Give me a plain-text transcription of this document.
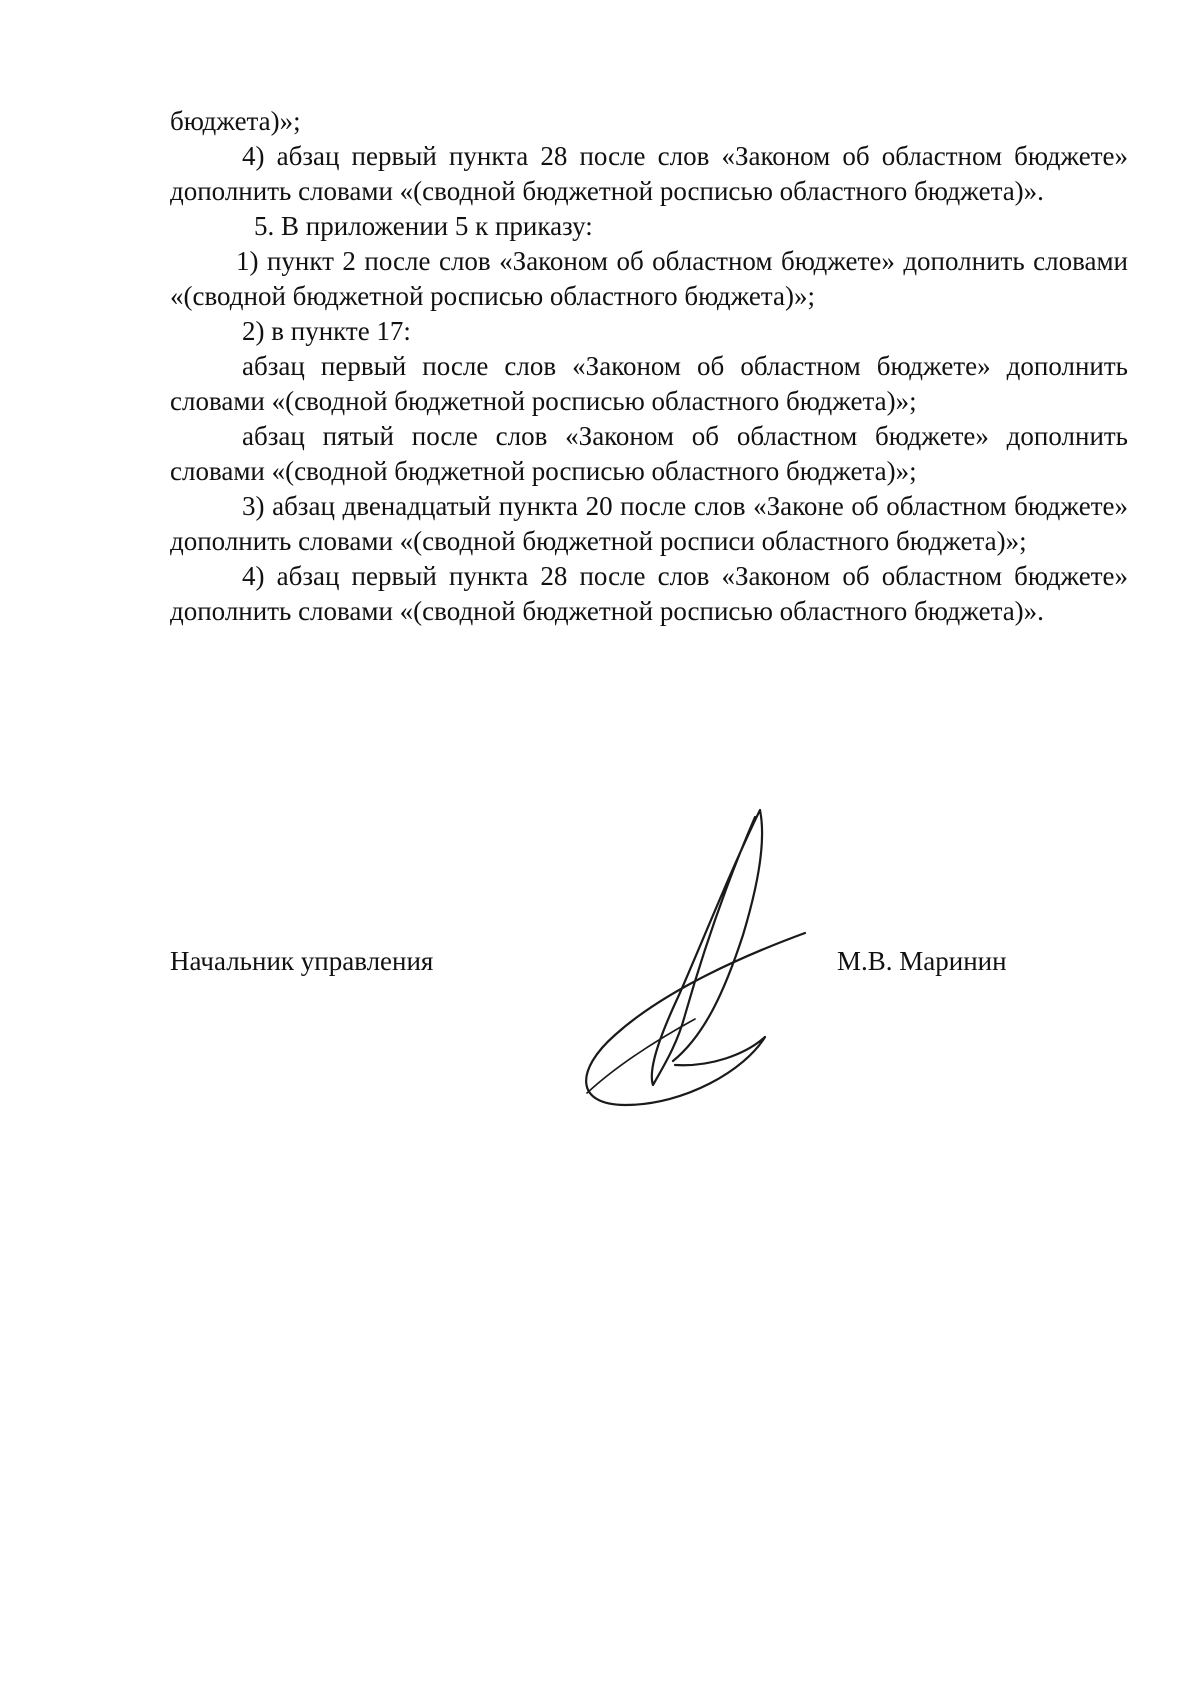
бюджета)»;

4) абзац первый пункта 28 после слов «Законом об областном бюджете» дополнить словами «(сводной бюджетной росписью областного бюджета)».

5. В приложении 5 к приказу:

1) пункт 2 после слов «Законом об областном бюджете» дополнить словами «(сводной бюджетной росписью областного бюджета)»;

2) в пункте 17:

абзац первый после слов «Законом об областном бюджете» дополнить словами «(сводной бюджетной росписью областного бюджета)»;

абзац пятый после слов «Законом об областном бюджете» дополнить словами «(сводной бюджетной росписью областного бюджета)»;

3) абзац двенадцатый пункта 20 после слов «Законе об областном бюджете» дополнить словами «(сводной бюджетной росписи областного бюджета)»;

4) абзац первый пункта 28 после слов «Законом об областном бюджете» дополнить словами «(сводной бюджетной росписью областного бюджета)».

Начальник управления	М.В. Маринин
